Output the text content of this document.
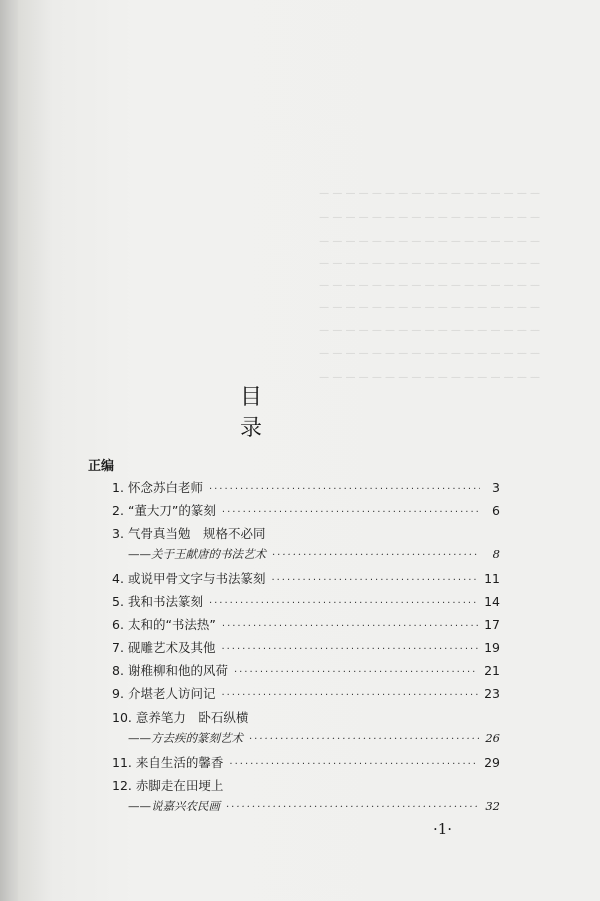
— — — — — — — — — — — — — — — — —
— — — — — — — — — — — — — — — — —
— — — — — — — — — — — — — — — — —
— — — — — — — — — — — — — — — — —
— — — — — — — — — — — — — — — — —
— — — — — — — — — — — — — — — — —
— — — — — — — — — — — — — — — — —
— — — — — — — — — — — — — — — — —
— — — — — — — — — — — — — — — — —
目 录
正编
1. 怀念苏白老师 ·····	3
2. “董大刀”的篆刻 ·····	6
3. 气骨真当勉　规格不必同
——关于王献唐的书法艺术 ·····	8
4. 或说甲骨文字与书法篆刻 ·····	11
5. 我和书法篆刻 ·····	14
6. 太和的“书法热” ·····	17
7. 砚雕艺术及其他 ·····	19
8. 谢稚柳和他的风荷 ·····	21
9. 介堪老人访问记 ·····	23
10. 意养笔力　卧石纵横
——方去疾的篆刻艺术 ·····	26
11. 来自生活的馨香 ·····	29
12. 赤脚走在田埂上
——说嘉兴农民画 ·····	32
·1·
